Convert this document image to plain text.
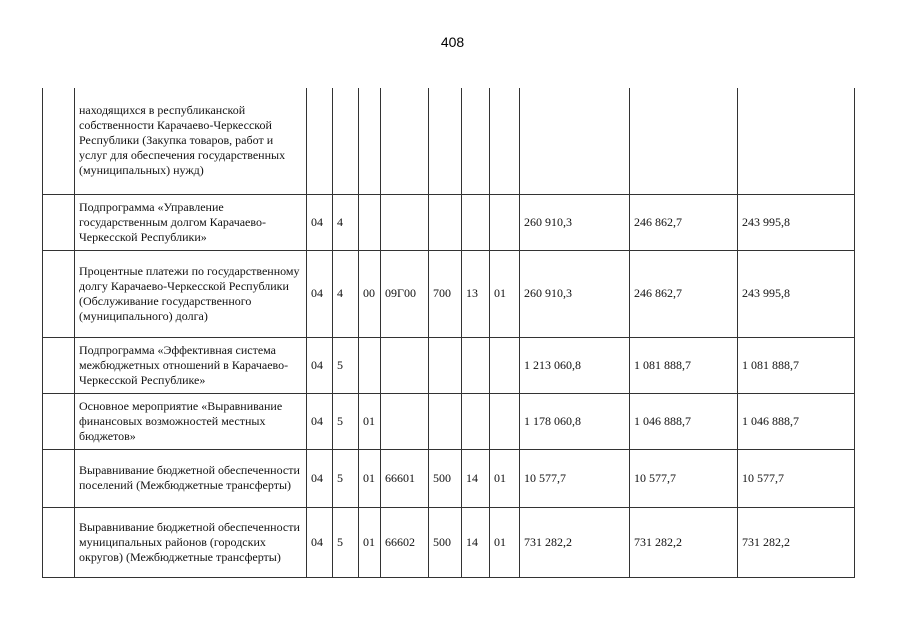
408
	находящихся в республиканской собственности Карачаево-Черкесской Республики (Закупка товаров, работ и услуг для обеспечения государственных (муниципальных) нужд)										
	Подпрограмма «Управление государственным долгом Карачаево-Черкесской Республики»	04	4						260 910,3	246 862,7	243 995,8
	Процентные платежи по государственному долгу Карачаево-Черкесской Республики (Обслуживание государственного (муниципального) долга)	04	4	00	09Г00	700	13	01	260 910,3	246 862,7	243 995,8
	Подпрограмма «Эффективная система межбюджетных отношений в Карачаево-Черкесской Республике»	04	5						1 213 060,8	1 081 888,7	1 081 888,7
	Основное мероприятие «Выравнивание финансовых возможностей местных бюджетов»	04	5	01					1 178 060,8	1 046 888,7	1 046 888,7
	Выравнивание бюджетной обеспеченности поселений (Межбюджетные трансферты)	04	5	01	66601	500	14	01	10 577,7	10 577,7	10 577,7
	Выравнивание бюджетной обеспеченности муниципальных районов (городских округов) (Межбюджетные трансферты)	04	5	01	66602	500	14	01	731 282,2	731 282,2	731 282,2
